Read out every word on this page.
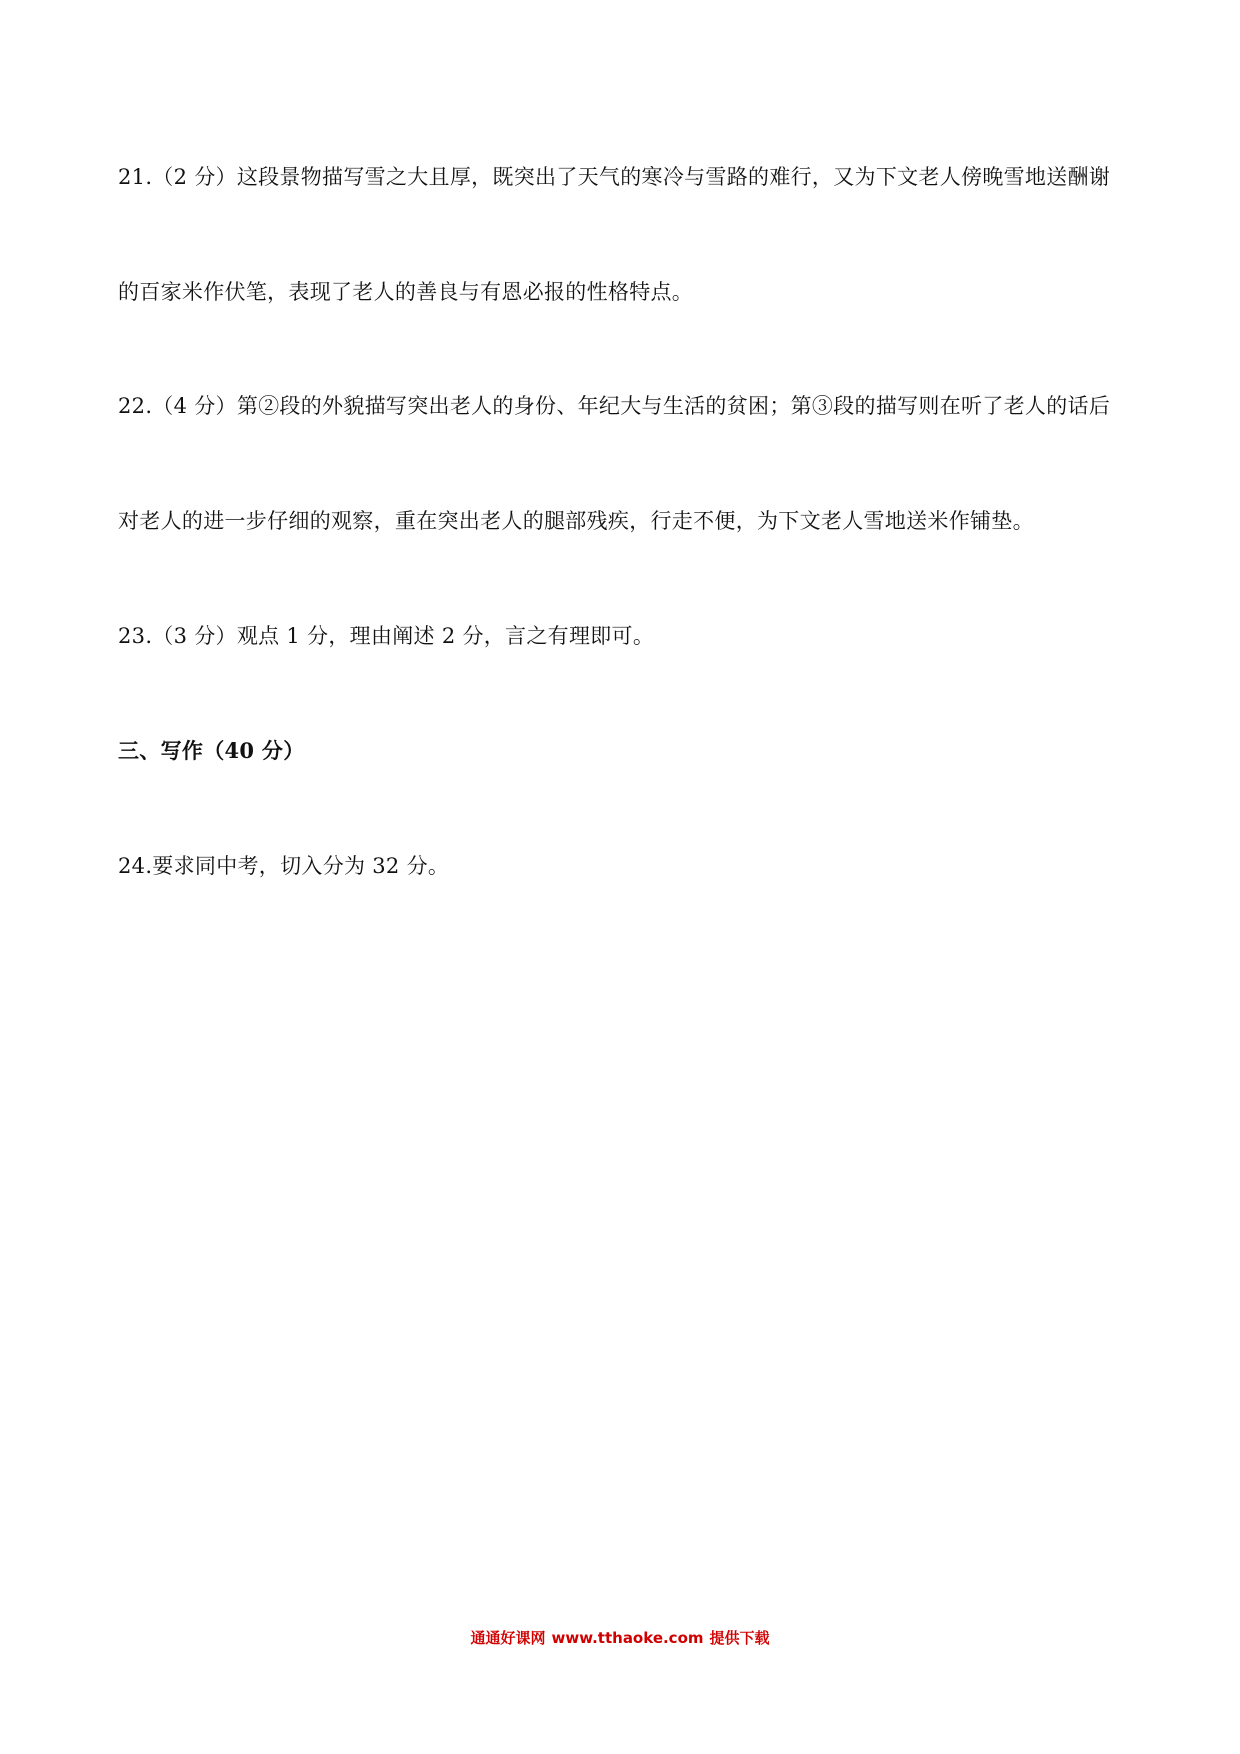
21.（2 分）这段景物描写雪之大且厚，既突出了天气的寒冷与雪路的难行，又为下文老人傍晚雪地送酬谢
的百家米作伏笔，表现了老人的善良与有恩必报的性格特点。
22.（4 分）第②段的外貌描写突出老人的身份、年纪大与生活的贫困；第③段的描写则在听了老人的话后
对老人的进一步仔细的观察，重在突出老人的腿部残疾，行走不便，为下文老人雪地送米作铺垫。
23.（3 分）观点 1 分，理由阐述 2 分，言之有理即可。
三、写作（40 分）
24.要求同中考，切入分为 32 分。
通通好课网 www.tthaoke.com 提供下载
